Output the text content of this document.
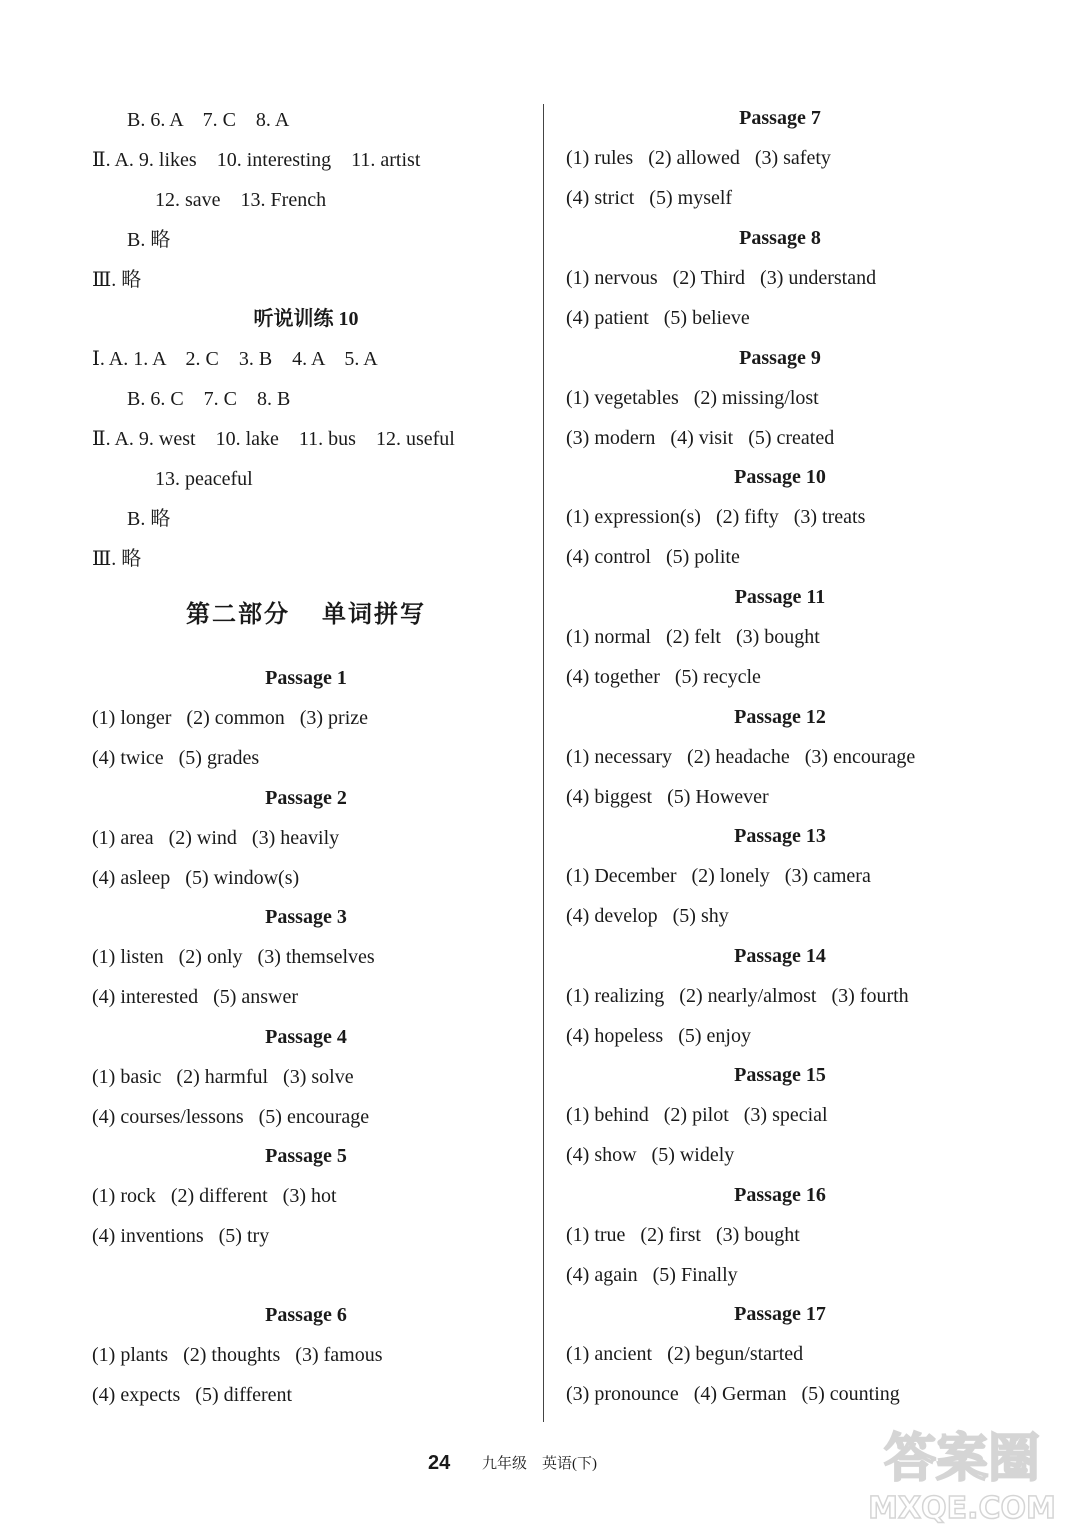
B. 6. A    7. C    8. A
Ⅱ. A. 9. likes    10. interesting    11. artist
12. save    13. French
B. 略
Ⅲ. 略
听说训练 10
Ⅰ. A. 1. A    2. C    3. B    4. A    5. A
B. 6. C    7. C    8. B
Ⅱ. A. 9. west    10. lake    11. bus    12. useful
13. peaceful
B. 略
Ⅲ. 略
第二部分    单词拼写
Passage 1
(1) longer   (2) common   (3) prize
(4) twice   (5) grades
Passage 2
(1) area   (2) wind   (3) heavily
(4) asleep   (5) window(s)
Passage 3
(1) listen   (2) only   (3) themselves
(4) interested   (5) answer
Passage 4
(1) basic   (2) harmful   (3) solve
(4) courses/lessons   (5) encourage
Passage 5
(1) rock   (2) different   (3) hot
(4) inventions   (5) try
Passage 6
(1) plants   (2) thoughts   (3) famous
(4) expects   (5) different
Passage 7
(1) rules   (2) allowed   (3) safety
(4) strict   (5) myself
Passage 8
(1) nervous   (2) Third   (3) understand
(4) patient   (5) believe
Passage 9
(1) vegetables   (2) missing/lost
(3) modern   (4) visit   (5) created
Passage 10
(1) expression(s)   (2) fifty   (3) treats
(4) control   (5) polite
Passage 11
(1) normal   (2) felt   (3) bought
(4) together   (5) recycle
Passage 12
(1) necessary   (2) headache   (3) encourage
(4) biggest   (5) However
Passage 13
(1) December   (2) lonely   (3) camera
(4) develop   (5) shy
Passage 14
(1) realizing   (2) nearly/almost   (3) fourth
(4) hopeless   (5) enjoy
Passage 15
(1) behind   (2) pilot   (3) special
(4) show   (5) widely
Passage 16
(1) true   (2) first   (3) bought
(4) again   (5) Finally
Passage 17
(1) ancient   (2) begun/started
(3) pronounce   (4) German   (5) counting
24 九年级 英语(下)	答案圈
MXQE.COM
